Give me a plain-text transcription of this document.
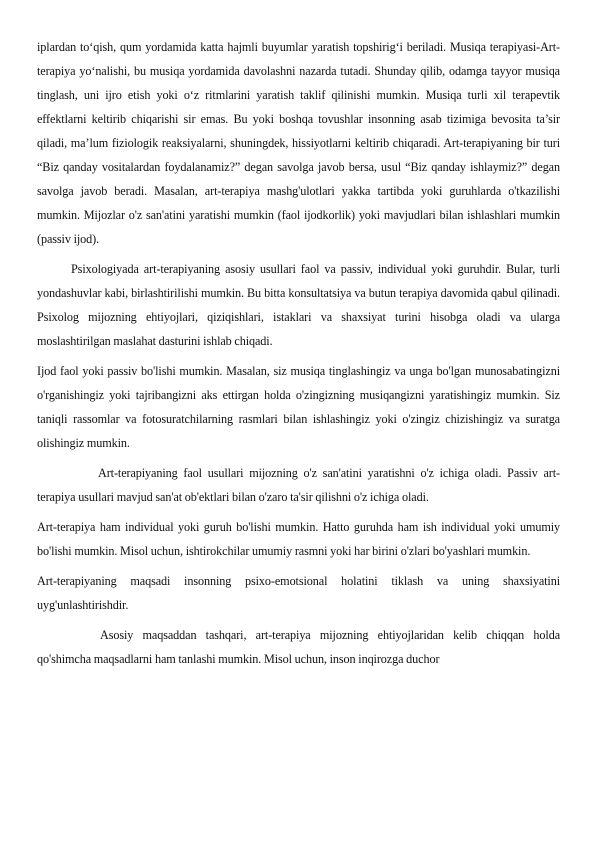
iplardan to‘qish, qum yordamida katta hajmli buyumlar yaratish topshirig‘i beriladi. Musiqa terapiyasi-Art-terapiya yo‘nalishi, bu musiqa yordamida davolashni nazarda tutadi. Shunday qilib, odamga tayyor musiqa tinglash, uni ijro etish yoki o‘z ritmlarini yaratish taklif qilinishi mumkin. Musiqa turli xil terapevtik effektlarni keltirib chiqarishi sir emas. Bu yoki boshqa tovushlar insonning asab tizimiga bevosita ta’sir qiladi, ma’lum fiziologik reaksiyalarni, shuningdek, hissiyotlarni keltirib chiqaradi. Art-terapiyaning bir turi “Biz qanday vositalardan foydalanamiz?” degan savolga javob bersa, usul “Biz qanday ishlaymiz?” degan savolga javob beradi. Masalan, art-terapiya mashg'ulotlari yakka tartibda yoki guruhlarda o'tkazilishi mumkin. Mijozlar o'z san'atini yaratishi mumkin (faol ijodkorlik) yoki mavjudlari bilan ishlashlari mumkin (passiv ijod).

Psixologiyada art-terapiyaning asosiy usullari faol va passiv, individual yoki guruhdir. Bular, turli yondashuvlar kabi, birlashtirilishi mumkin. Bu bitta konsultatsiya va butun terapiya davomida qabul qilinadi. Psixolog mijozning ehtiyojlari, qiziqishlari, istaklari va shaxsiyat turini hisobga oladi va ularga moslashtirilgan maslahat dasturini ishlab chiqadi.

Ijod faol yoki passiv bo'lishi mumkin. Masalan, siz musiqa tinglashingiz va unga bo'lgan munosabatingizni o'rganishingiz yoki tajribangizni aks ettirgan holda o'zingizning musiqangizni yaratishingiz mumkin. Siz taniqli rassomlar va fotosuratchilarning rasmlari bilan ishlashingiz yoki o'zingiz chizishingiz va suratga olishingiz mumkin.

Art-terapiyaning faol usullari mijozning o'z san'atini yaratishni o'z ichiga oladi. Passiv art-terapiya usullari mavjud san'at ob'ektlari bilan o'zaro ta'sir qilishni o'z ichiga oladi.

Art-terapiya ham individual yoki guruh bo'lishi mumkin. Hatto guruhda ham ish individual yoki umumiy bo'lishi mumkin. Misol uchun, ishtirokchilar umumiy rasmni yoki har birini o'zlari bo'yashlari mumkin.

Art-terapiyaning maqsadi insonning psixo-emotsional holatini tiklash va uning shaxsiyatini uyg'unlashtirishdir.

Asosiy maqsaddan tashqari, art-terapiya mijozning ehtiyojlaridan kelib chiqqan holda qo'shimcha maqsadlarni ham tanlashi mumkin. Misol uchun, inson inqirozga duchor
